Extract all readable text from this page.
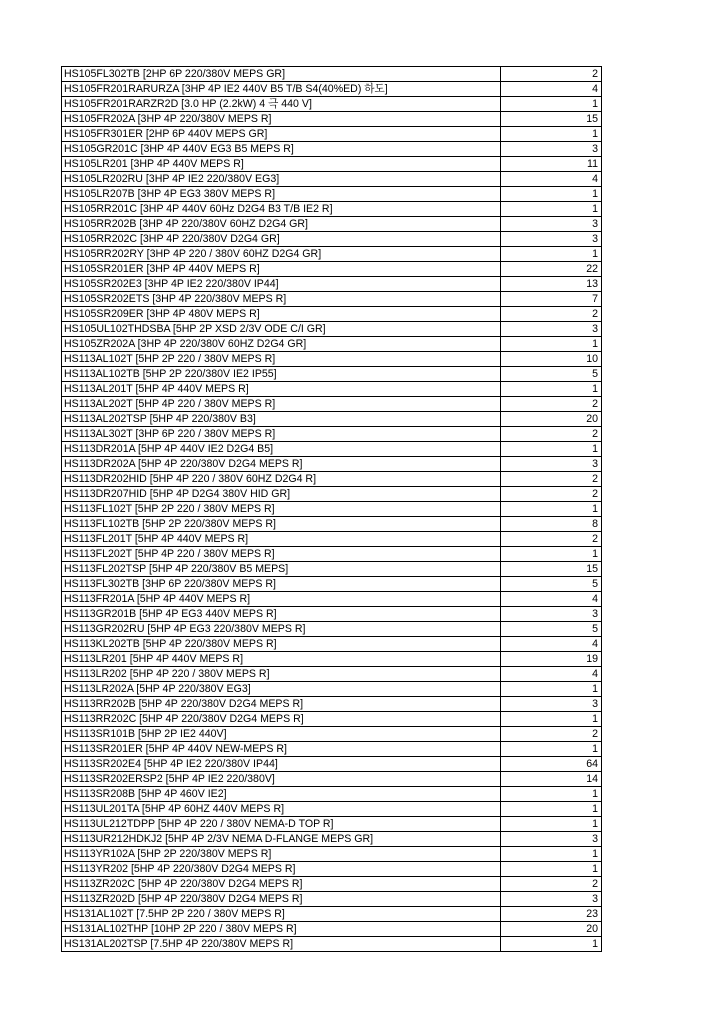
HS105FL302TB [2HP 6P 220/380V MEPS GR]	2
HS105FR201RARURZA [3HP 4P IE2 440V B5 T/B S4(40%ED) 하도]	4
HS105FR201RARZR2D [3.0 HP (2.2kW) 4 극 440 V]	1
HS105FR202A [3HP 4P 220/380V MEPS R]	15
HS105FR301ER [2HP 6P 440V MEPS GR]	1
HS105GR201C [3HP 4P 440V EG3 B5 MEPS R]	3
HS105LR201 [3HP 4P 440V MEPS R]	11
HS105LR202RU [3HP 4P IE2 220/380V EG3]	4
HS105LR207B [3HP 4P EG3 380V MEPS R]	1
HS105RR201C [3HP 4P 440V 60Hz D2G4 B3 T/B IE2 R]	1
HS105RR202B [3HP 4P 220/380V 60HZ D2G4 GR]	3
HS105RR202C [3HP 4P 220/380V D2G4 GR]	3
HS105RR202RY [3HP 4P 220 / 380V 60HZ D2G4 GR]	1
HS105SR201ER [3HP 4P 440V MEPS R]	22
HS105SR202E3 [3HP 4P IE2 220/380V IP44]	13
HS105SR202ETS [3HP 4P 220/380V MEPS R]	7
HS105SR209ER [3HP 4P 480V MEPS R]	2
HS105UL102THDSBA [5HP 2P XSD 2/3V ODE C/I GR]	3
HS105ZR202A [3HP 4P 220/380V 60HZ D2G4 GR]	1
HS113AL102T [5HP 2P 220 / 380V MEPS R]	10
HS113AL102TB [5HP 2P 220/380V IE2 IP55]	5
HS113AL201T [5HP 4P 440V MEPS R]	1
HS113AL202T [5HP 4P 220 / 380V MEPS R]	2
HS113AL202TSP [5HP 4P 220/380V B3]	20
HS113AL302T [3HP 6P 220 / 380V MEPS R]	2
HS113DR201A [5HP 4P 440V IE2 D2G4 B5]	1
HS113DR202A [5HP 4P 220/380V D2G4 MEPS R]	3
HS113DR202HID [5HP 4P 220 / 380V 60HZ D2G4 R]	2
HS113DR207HID [5HP 4P D2G4 380V HID GR]	2
HS113FL102T [5HP 2P 220 / 380V MEPS R]	1
HS113FL102TB [5HP 2P 220/380V MEPS R]	8
HS113FL201T [5HP 4P 440V MEPS R]	2
HS113FL202T [5HP 4P 220 / 380V MEPS R]	1
HS113FL202TSP [5HP 4P 220/380V B5 MEPS]	15
HS113FL302TB [3HP 6P 220/380V MEPS R]	5
HS113FR201A [5HP 4P 440V MEPS R]	4
HS113GR201B [5HP 4P EG3 440V MEPS R]	3
HS113GR202RU [5HP 4P EG3 220/380V MEPS R]	5
HS113KL202TB [5HP 4P 220/380V MEPS R]	4
HS113LR201 [5HP 4P 440V MEPS R]	19
HS113LR202 [5HP 4P 220 / 380V MEPS R]	4
HS113LR202A [5HP 4P 220/380V EG3]	1
HS113RR202B [5HP 4P 220/380V D2G4 MEPS R]	3
HS113RR202C [5HP 4P 220/380V D2G4 MEPS R]	1
HS113SR101B [5HP 2P IE2 440V]	2
HS113SR201ER [5HP 4P 440V NEW-MEPS R]	1
HS113SR202E4 [5HP 4P IE2 220/380V IP44]	64
HS113SR202ERSP2 [5HP 4P IE2 220/380V]	14
HS113SR208B [5HP 4P 460V IE2]	1
HS113UL201TA [5HP 4P 60HZ 440V MEPS R]	1
HS113UL212TDPP [5HP 4P 220 / 380V NEMA-D TOP R]	1
HS113UR212HDKJ2 [5HP 4P 2/3V NEMA D-FLANGE MEPS GR]	3
HS113YR102A [5HP 2P 220/380V MEPS R]	1
HS113YR202 [5HP 4P 220/380V D2G4 MEPS R]	1
HS113ZR202C [5HP 4P 220/380V D2G4 MEPS R]	2
HS113ZR202D [5HP 4P 220/380V D2G4 MEPS R]	3
HS131AL102T [7.5HP 2P 220 / 380V MEPS R]	23
HS131AL102THP [10HP 2P 220 / 380V MEPS R]	20
HS131AL202TSP [7.5HP 4P 220/380V MEPS R]	1
